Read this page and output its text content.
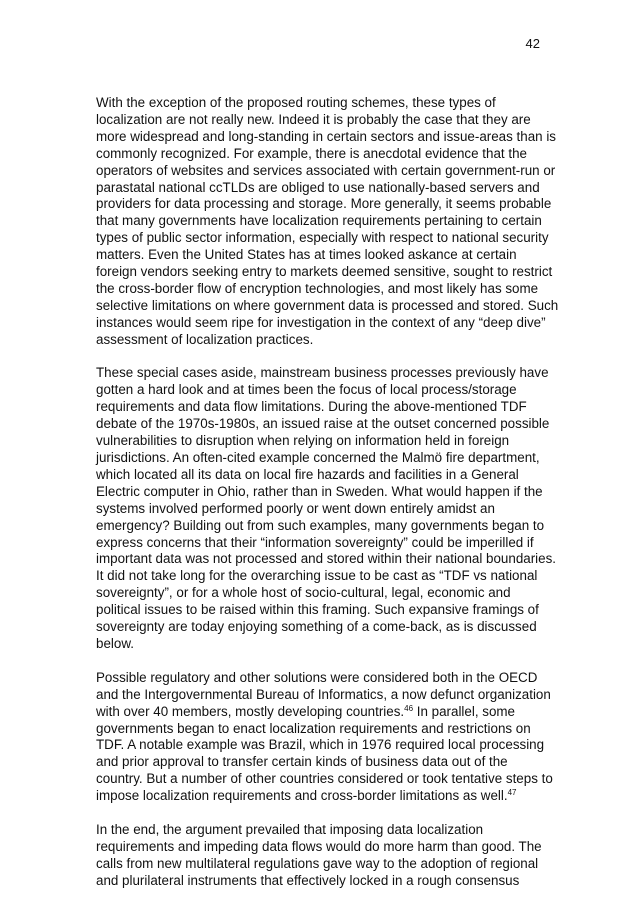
42

With the exception of the proposed routing schemes, these types of
localization are not really new. Indeed it is probably the case that they are
more widespread and long-standing in certain sectors and issue-areas than is
commonly recognized. For example, there is anecdotal evidence that the
operators of websites and services associated with certain government-run or
parastatal national ccTLDs are obliged to use nationally-based servers and
providers for data processing and storage. More generally, it seems probable
that many governments have localization requirements pertaining to certain
types of public sector information, especially with respect to national security
matters. Even the United States has at times looked askance at certain
foreign vendors seeking entry to markets deemed sensitive, sought to restrict
the cross-border flow of encryption technologies, and most likely has some
selective limitations on where government data is processed and stored. Such
instances would seem ripe for investigation in the context of any “deep dive”
assessment of localization practices.

These special cases aside, mainstream business processes previously have
gotten a hard look and at times been the focus of local process/storage
requirements and data flow limitations. During the above-mentioned TDF
debate of the 1970s-1980s, an issued raise at the outset concerned possible
vulnerabilities to disruption when relying on information held in foreign
jurisdictions. An often-cited example concerned the Malmö fire department,
which located all its data on local fire hazards and facilities in a General
Electric computer in Ohio, rather than in Sweden. What would happen if the
systems involved performed poorly or went down entirely amidst an
emergency? Building out from such examples, many governments began to
express concerns that their “information sovereignty” could be imperilled if
important data was not processed and stored within their national boundaries.
It did not take long for the overarching issue to be cast as “TDF vs national
sovereignty”, or for a whole host of socio-cultural, legal, economic and
political issues to be raised within this framing. Such expansive framings of
sovereignty are today enjoying something of a come-back, as is discussed
below.

Possible regulatory and other solutions were considered both in the OECD
and the Intergovernmental Bureau of Informatics, a now defunct organization
with over 40 members, mostly developing countries.$^{46}$ In parallel, some
governments began to enact localization requirements and restrictions on
TDF. A notable example was Brazil, which in 1976 required local processing
and prior approval to transfer certain kinds of business data out of the
country. But a number of other countries considered or took tentative steps to
impose localization requirements and cross-border limitations as well.$^{47}$

In the end, the argument prevailed that imposing data localization
requirements and impeding data flows would do more harm than good. The
calls from new multilateral regulations gave way to the adoption of regional
and plurilateral instruments that effectively locked in a rough consensus
